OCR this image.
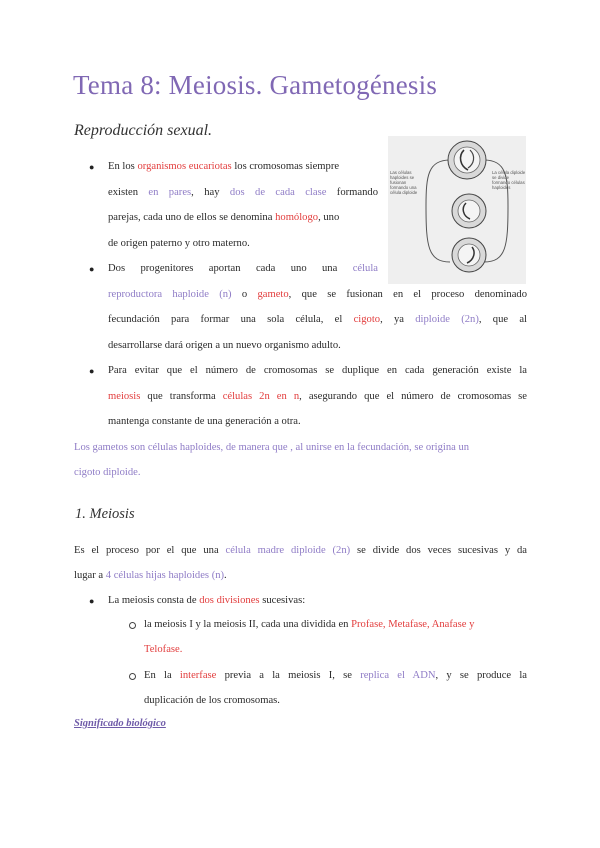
Tema 8: Meiosis. Gametogénesis
Reproducción sexual.
Las células haploides se fusionan formando una célula diploide
La célula diploide se divide formando células haploides
● En los organismos eucariotas los cromosomas siempre
existen en pares, hay dos de cada clase formando
parejas, cada uno de ellos se denomina homólogo, uno
de origen paterno y otro materno.
● Dos progenitores aportan cada uno una célula
reproductora haploide (n) o gameto, que se fusionan en el proceso denominado
fecundación para formar una sola célula, el cigoto, ya diploide (2n), que al
desarrollarse dará origen a un nuevo organismo adulto.
● Para evitar que el número de cromosomas se duplique en cada generación existe la
meiosis que transforma células 2n en n, asegurando que el número de cromosomas se
mantenga constante de una generación a otra.
Los gametos son células haploides, de manera que , al unirse en la fecundación, se origina un
cigoto diploide.
1. Meiosis
Es el proceso por el que una célula madre diploide (2n) se divide dos veces sucesivas y da
lugar a 4 células hijas haploides (n).
● La meiosis consta de dos divisiones sucesivas:
la meiosis I y la meiosis II, cada una dividida en Profase, Metafase, Anafase y
Telofase.
En la interfase previa a la meiosis I, se replica el ADN, y se produce la
duplicación de los cromosomas.
Significado biológico
